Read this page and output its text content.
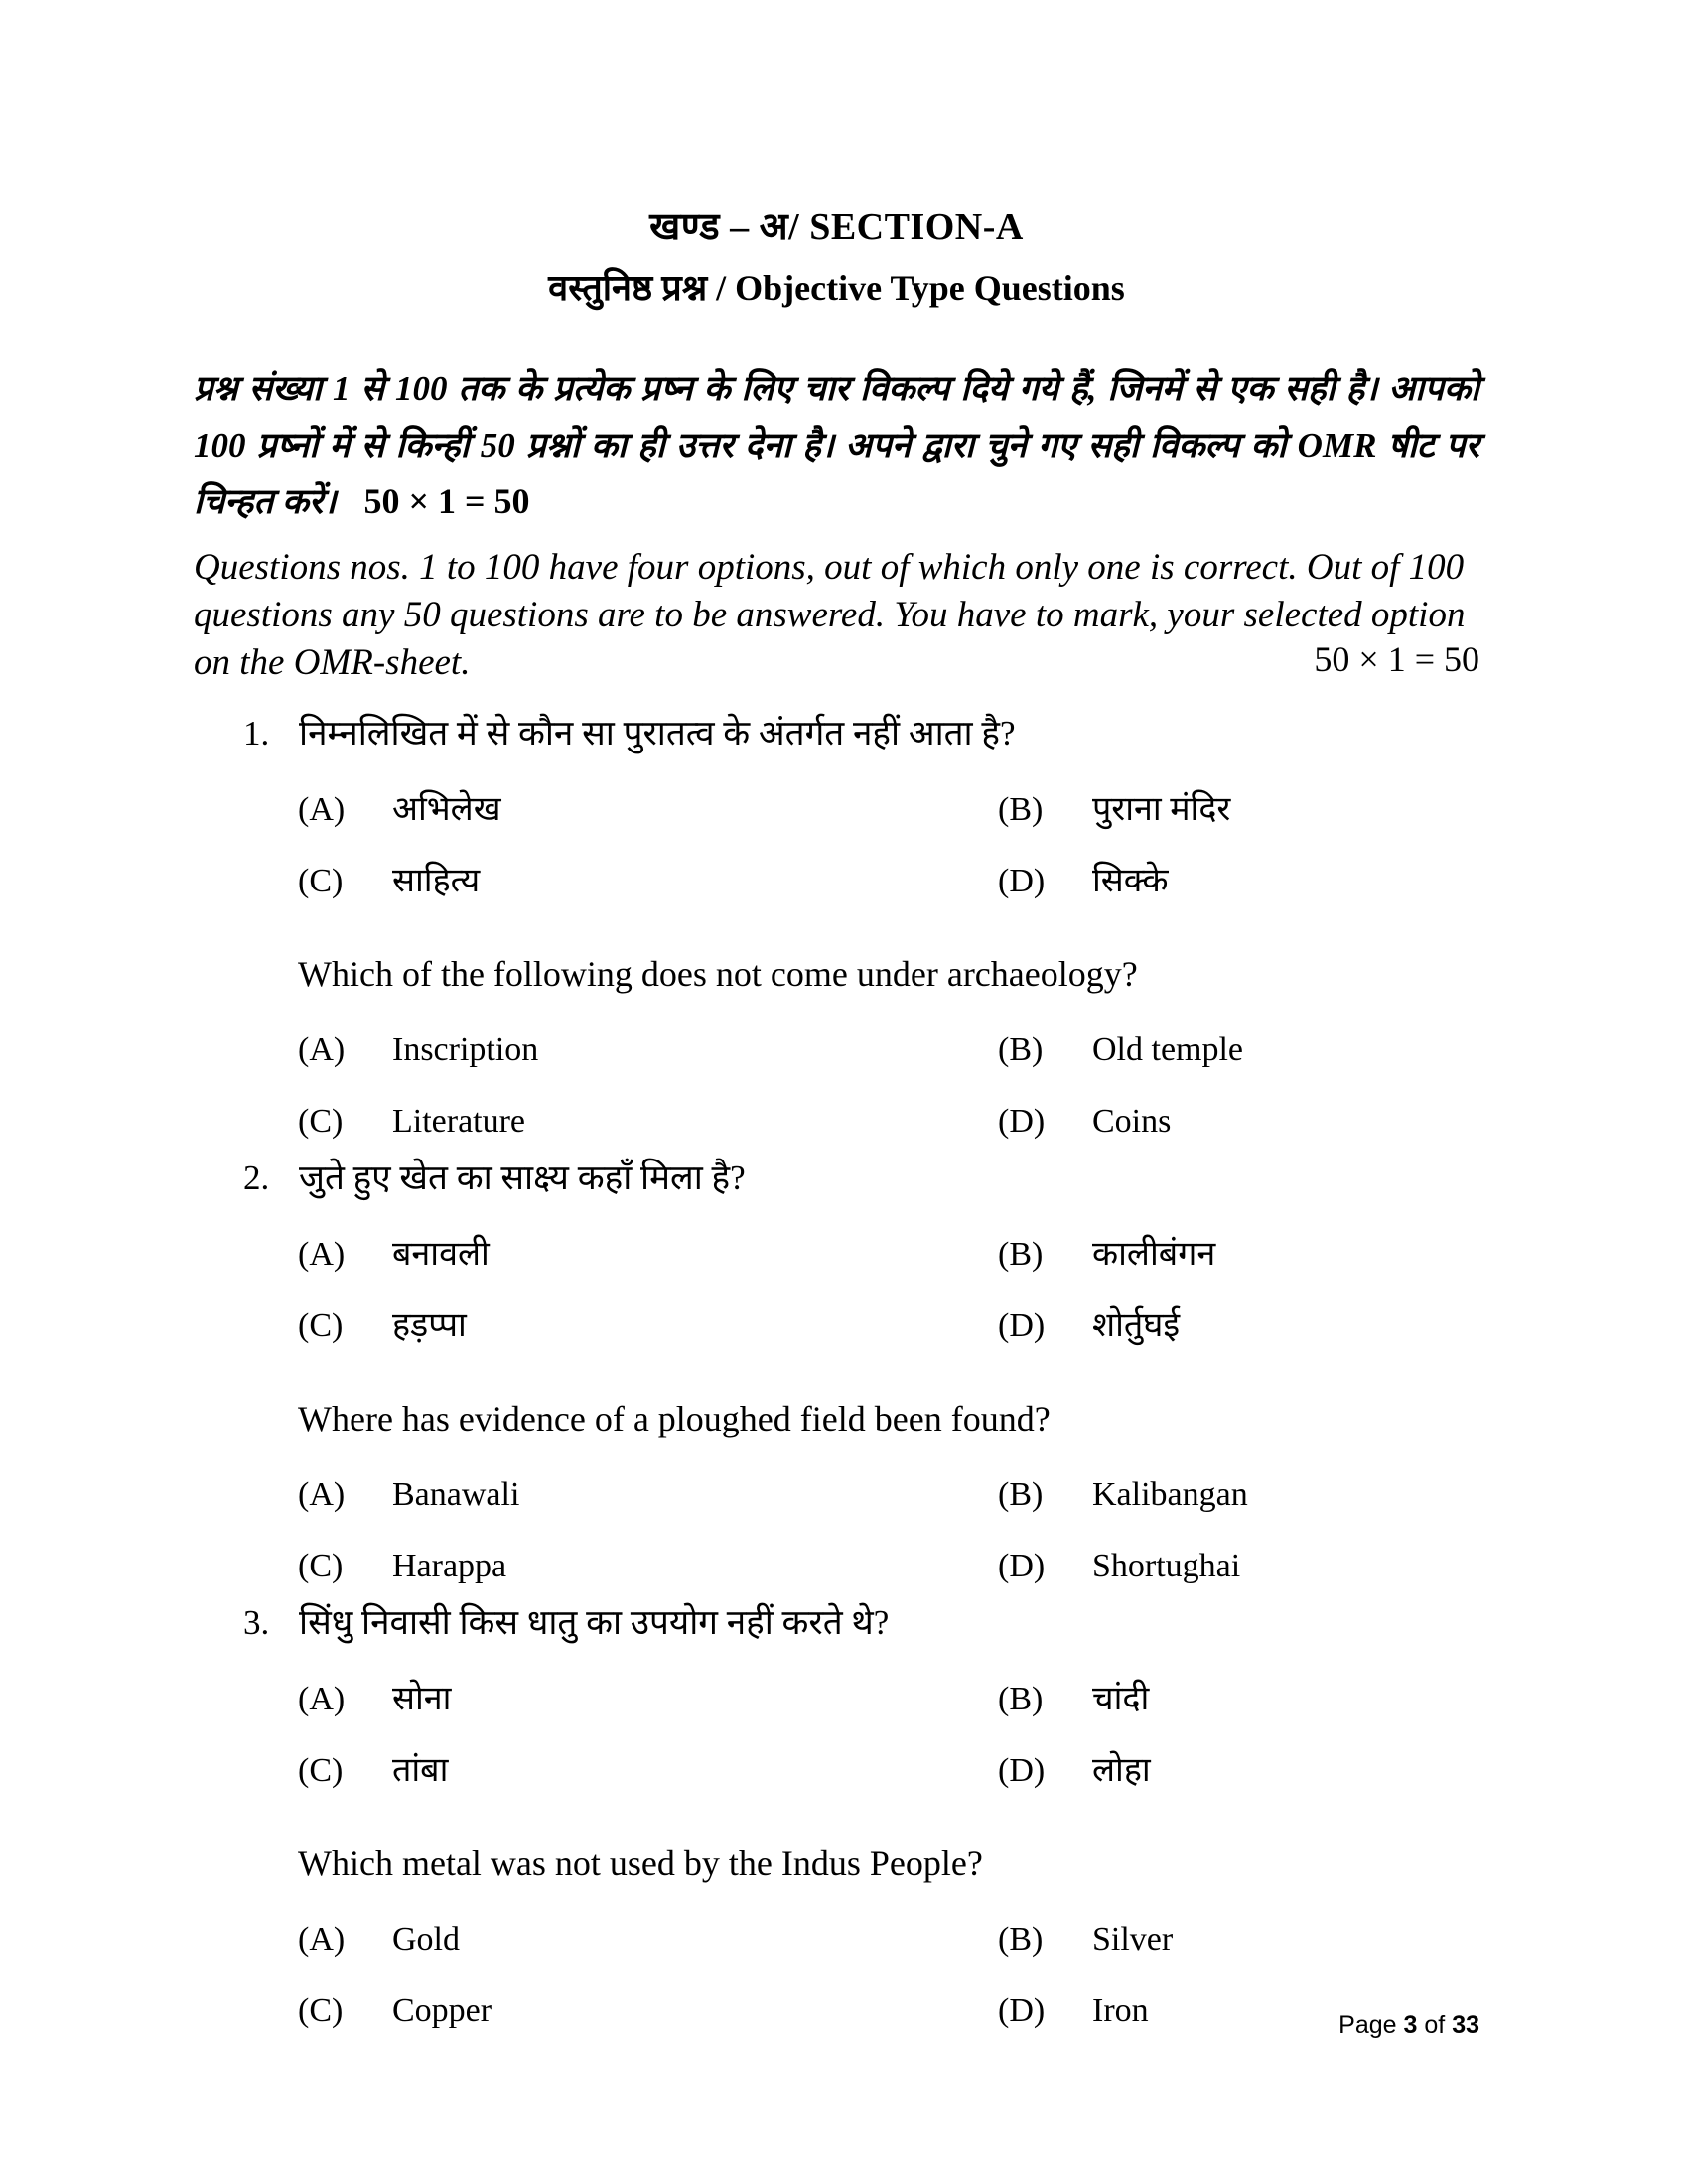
खण्ड – अ/ SECTION-A
वस्तुनिष्ठ प्रश्न / Objective Type Questions
प्रश्न संख्या 1 से 100 तक के प्रत्येक प्रष्न के लिए चार विकल्प दिये गये हैं, जिनमें से एक सही है। आपको 100 प्रष्नों में से किन्हीं 50 प्रश्नों का ही उत्तर देना है। अपने द्वारा चुने गए सही विकल्प को OMR षीट पर चिन्हत करें। 50 × 1 = 50
Questions nos. 1 to 100 have four options, out of which only one is correct. Out of 100 questions any 50 questions are to be answered. You have to mark, your selected option on the OMR-sheet.	50 × 1 = 50
1. निम्नलिखित में से कौन सा पुरातत्व के अंतर्गत नहीं आता है?
(A)	अभिलेख	(B)	पुराना मंदिर
(C)	साहित्य	(D)	सिक्के
Which of the following does not come under archaeology?
(A)	Inscription	(B)	Old temple
(C)	Literature	(D)	Coins
2. जुते हुए खेत का साक्ष्य कहाँ मिला है?
(A)	बनावली	(B)	कालीबंगन
(C)	हड़प्पा	(D)	शोर्तुघई
Where has evidence of a ploughed field been found?
(A)	Banawali	(B)	Kalibangan
(C)	Harappa	(D)	Shortughai
3. सिंधु निवासी किस धातु का उपयोग नहीं करते थे?
(A)	सोना	(B)	चांदी
(C)	तांबा	(D)	लोहा
Which metal was not used by the Indus People?
(A)	Gold	(B)	Silver
(C)	Copper	(D)	Iron	Page 3 of 33
